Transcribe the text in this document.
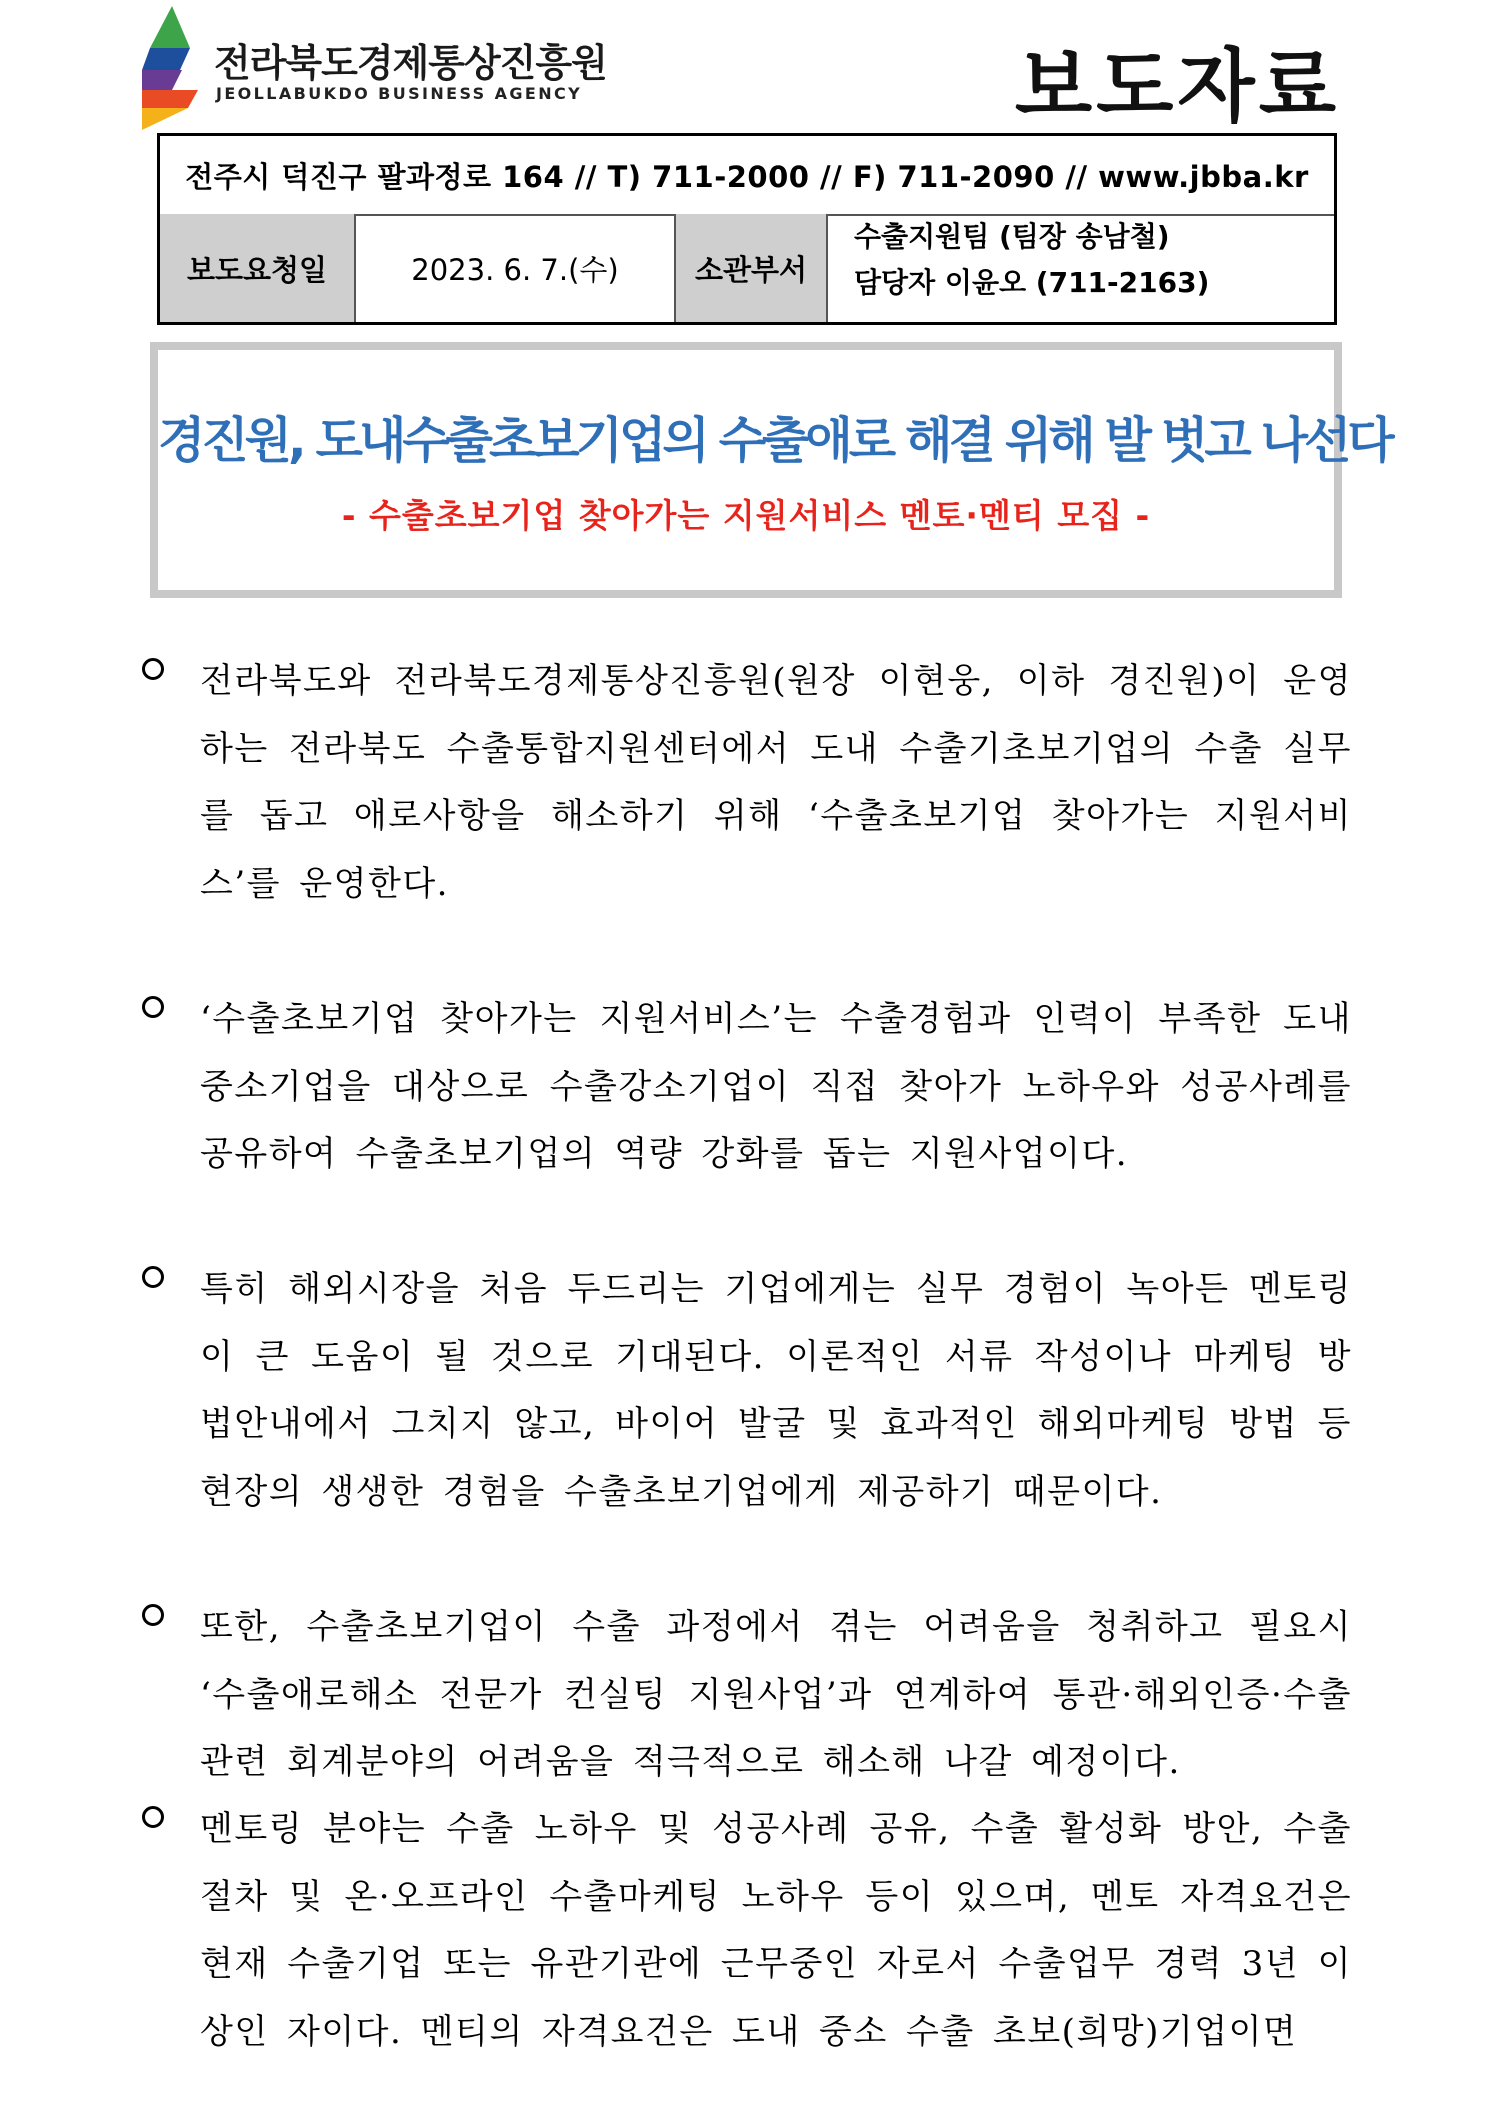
전라북도경제통상진흥원
JEOLLABUKDO BUSINESS AGENCY	보도자료
전주시 덕진구 팔과정로 164 // T) 711-2000 // F) 711-2090 // www.jbba.kr
보도요청일	2023. 6. 7.(수)	소관부서
수출지원팀 (팀장 송남철)
담당자 이윤오 (711-2163)
경진원, 도내수출초보기업의 수출애로 해결 위해 발 벗고 나선다
- 수출초보기업 찾아가는 지원서비스 멘토·멘티 모집 -
전라북도와 전라북도경제통상진흥원(원장 이현웅, 이하 경진원)이 운영하는 전라북도 수출통합지원센터에서 도내 수출기초보기업의 수출 실무를 돕고 애로사항을 해소하기 위해 ‘수출초보기업 찾아가는 지원서비스’를 운영한다.
‘수출초보기업 찾아가는 지원서비스’는 수출경험과 인력이 부족한 도내 중소기업을 대상으로 수출강소기업이 직접 찾아가 노하우와 성공사례를 공유하여 수출초보기업의 역량 강화를 돕는 지원사업이다.
특히 해외시장을 처음 두드리는 기업에게는 실무 경험이 녹아든 멘토링이 큰 도움이 될 것으로 기대된다. 이론적인 서류 작성이나 마케팅 방법안내에서 그치지 않고, 바이어 발굴 및 효과적인 해외마케팅 방법 등 현장의 생생한 경험을 수출초보기업에게 제공하기 때문이다.
또한, 수출초보기업이 수출 과정에서 겪는 어려움을 청취하고 필요시 ‘수출애로해소 전문가 컨실팅 지원사업’과 연계하여 통관·해외인증·수출관련 회계분야의 어려움을 적극적으로 해소해 나갈 예정이다.
멘토링 분야는 수출 노하우 및 성공사례 공유, 수출 활성화 방안, 수출 절차 및 온·오프라인 수출마케팅 노하우 등이 있으며, 멘토 자격요건은 현재 수출기업 또는 유관기관에 근무중인 자로서 수출업무 경력 3년 이상인 자이다. 멘티의 자격요건은 도내 중소 수출 초보(희망)기업이면
